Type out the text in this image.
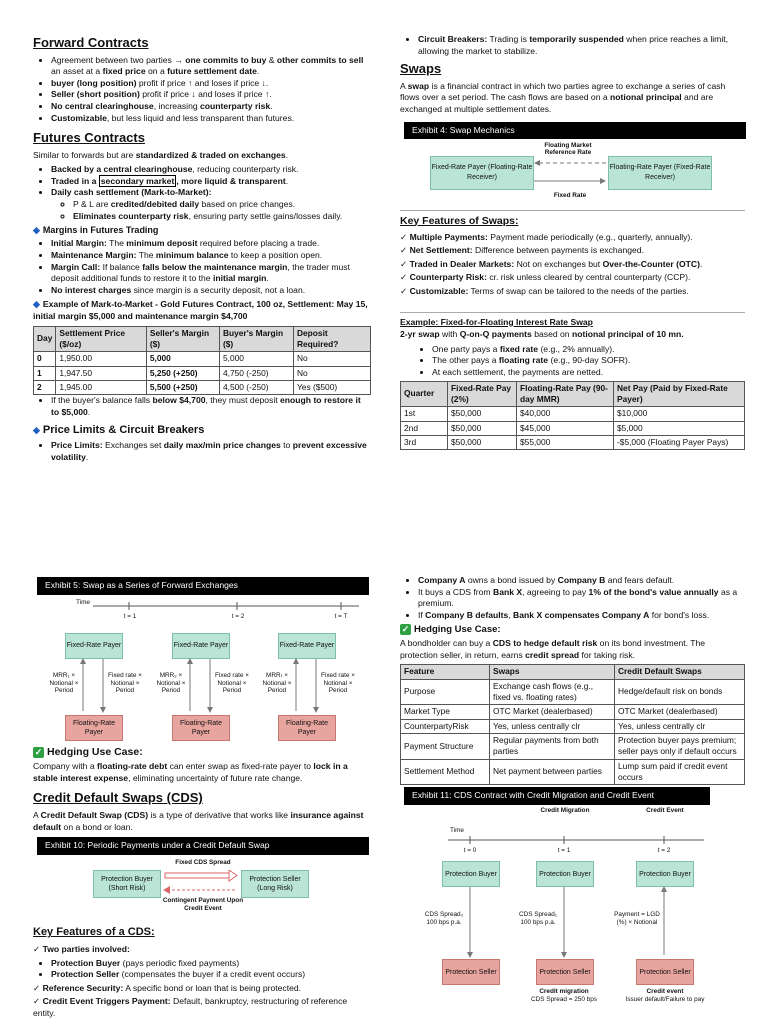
Forward Contracts
• Agreement between two parties → one commits to buy & other commits to sell an asset at a fixed price on a future settlement date.
• buyer (long position) profit if price ↑ and loses if price ↓.
• Seller (short position) profit if price ↓ and loses if price ↑.
• No central clearinghouse, increasing counterparty risk.
• Customizable, but less liquid and less transparent than futures.
Futures Contracts

Similar to forwards but are standardized & traded on exchanges.

• Backed by a central clearinghouse, reducing counterparty risk.
• Traded in a secondary market , more liquid & transparent.
• Daily cash settlement (Mark-to-Market):
◦ P & L are credited/debited daily based on price changes.
◦ Eliminates counterparty risk, ensuring party settle gains/losses daily.
◆ Margins in Futures Trading
• Initial Margin: The minimum deposit required before placing a trade.
• Maintenance Margin: The minimum balance to keep a position open.
• Margin Call: If balance falls below the maintenance margin, the trader must deposit additional funds to restore it to the initial margin.
• No interest charges since margin is a security deposit, not a loan.

◆ Example of Mark-to-Market - Gold Futures Contract, 100 oz, Settlement: May 15, initial margin $5,000 and maintenance margin $4,700

Day	Settlement Price ($/oz)	Seller's Margin ($)	Buyer's Margin ($)	Deposit Required?
0	1,950.00	5,000	5,000	No
1	1,947.50	5,250 (+250)	4,750 (-250)	No
2	1,945.00	5,500 (+250)	4,500 (-250)	Yes ($500)
• If the buyer's balance falls below $4,700, they must deposit enough to restore it to $5,000.
◆ Price Limits & Circuit Breakers
• Price Limits: Exchanges set daily max/min price changes to prevent excessive volatility.
• Circuit Breakers: Trading is temporarily suspended when price reaches a limit, allowing the market to stabilize.
Swaps

A swap is a financial contract in which two parties agree to exchange a series of cash flows over a set period. The cash flows are based on a notional principal and are exchanged at multiple settlement dates.

Exhibit 4: Swap Mechanics
Floating Market Reference Rate
Fixed-Rate Payer (Floating-Rate Receiver)
Floating-Rate Payer (Fixed-Rate Receiver)
Fixed Rate

Key Features of Swaps:

✓ Multiple Payments: Payment made periodically (e.g., quarterly, annually).

✓ Net Settlement: Difference between payments is exchanged.

✓ Traded in Dealer Markets: Not on exchanges but Over-the-Counter (OTC).

✓ Counterparty Risk: cr. risk unless cleared by central counterparty (CCP).

✓ Customizable: Terms of swap can be tailored to the needs of the parties.

Example: Fixed-for-Floating Interest Rate Swap

2-yr swap with Q-on-Q payments based on notional principal of 10 mn.

• One party pays a fixed rate (e.g., 2% annually).
• The other pays a floating rate (e.g., 90-day SOFR).
• At each settlement, the payments are netted.
Quarter	Fixed-Rate Pay (2%)	Floating-Rate Pay (90-day MMR)	Net Pay (Paid by Fixed-Rate Payer)
1st	$50,000	$40,000	$10,000
2nd	$50,000	$45,000	$5,000
3rd	$50,000	$55,000	-$5,000 (Floating Payer Pays)
Exhibit 5: Swap as a Series of Forward Exchanges
Time
t = 1	t = 2	t = T
Fixed-Rate Payer	Fixed-Rate Payer	Fixed-Rate Payer
MRR₁ × Notional × Period
Fixed rate × Notional × Period
MRR₂ × Notional × Period
Fixed rate × Notional × Period
MRRₜ × Notional × Period
Fixed rate × Notional × Period
Floating-Rate Payer
Floating-Rate Payer
Floating-Rate Payer
✓ Hedging Use Case:

Company with a floating-rate debt can enter swap as fixed-rate payer to lock in a stable interest expense, eliminating uncertainty of future rate change.

Credit Default Swaps (CDS)

A Credit Default Swap (CDS) is a type of derivative that works like insurance against default on a bond or loan.

Exhibit 10: Periodic Payments under a Credit Default Swap
Fixed CDS Spread
Protection Buyer (Short Risk)
Protection Seller (Long Risk)
Contingent Payment Upon Credit Event

Key Features of a CDS:

✓ Two parties involved:

• Protection Buyer (pays periodic fixed payments)
• Protection Seller (compensates the buyer if a credit event occurs)

✓ Reference Security: A specific bond or loan that is being protected.

✓ Credit Event Triggers Payment: Default, bankruptcy, restructuring of reference entity.

• Company A owns a bond issued by Company B and fears default.
• It buys a CDS from Bank X, agreeing to pay 1% of the bond's value annually as a premium.
• If Company B defaults, Bank X compensates Company A for bond's loss.
✓ Hedging Use Case:

A bondholder can buy a CDS to hedge default risk on its bond investment. The protection seller, in return, earns credit spread for taking risk.

Feature	Swaps	Credit Default Swaps
Purpose	Exchange cash flows (e.g., fixed vs. floating rates)	Hedge/default risk on bonds
Market Type	OTC Market (dealerbased)	OTC Market (dealerbased)
CounterpartyRisk	Yes, unless centrally clr	Yes, unless centrally clr
Payment Structure	Regular payments from both parties	Protection buyer pays premium; seller pays only if default occurs
Settlement Method	Net payment between parties	Lump sum paid if credit event occurs
Exhibit 11: CDS Contract with Credit Migration and Credit Event
Credit Migration	Credit Event
Time
t = 0	t = 1	t = 2
Protection Buyer	Protection Buyer	Protection Buyer
CDS Spread₀ 100 bps p.a.
CDS Spread₁ 100 bps p.a.
Payment = LGD (%) × Notional
Protection Seller	Protection Seller	Protection Seller
Credit migration
CDS Spread = 250 bps
Credit event
Issuer default/Failure to pay
